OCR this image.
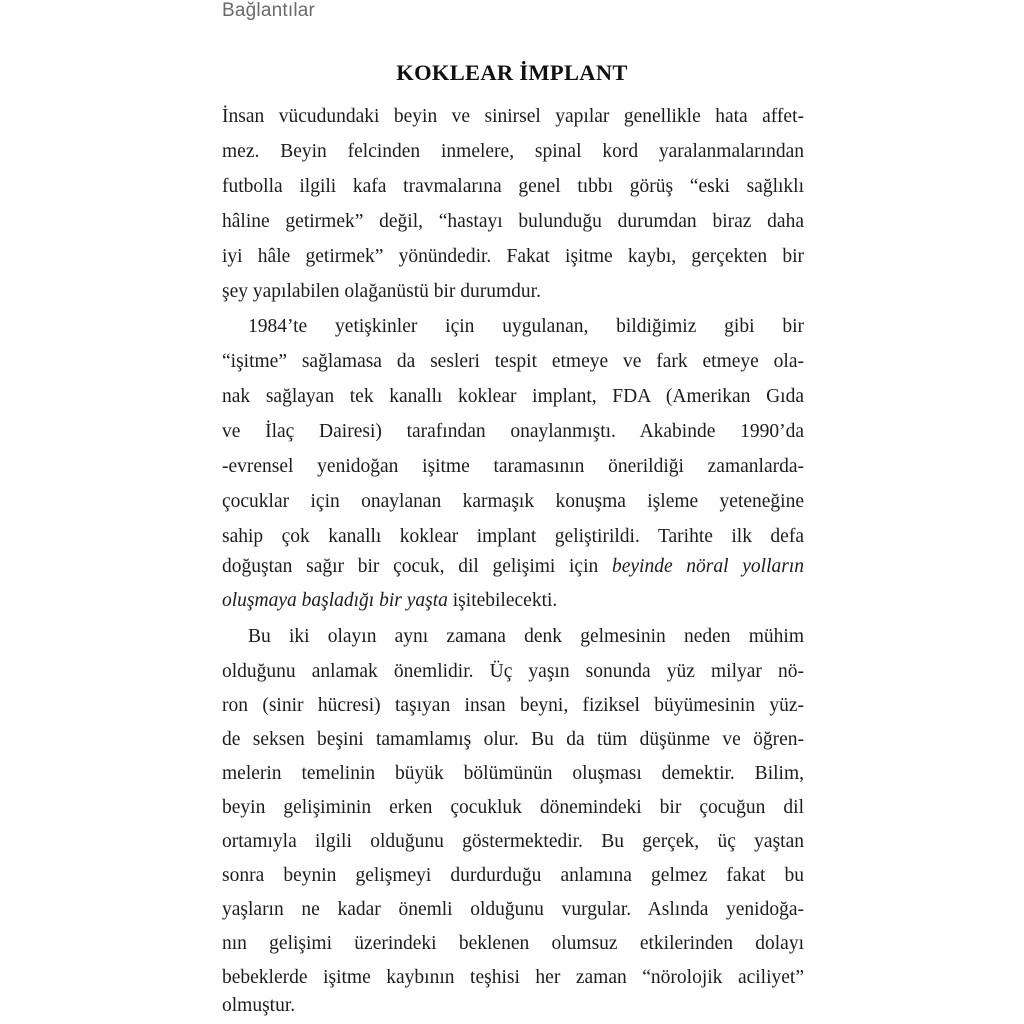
Bağlantılar
KOKLEAR İMPLANT
İnsan vücudundaki beyin ve sinirsel yapılar genellikle hata affet-
mez. Beyin felcinden inmelere, spinal kord yaralanmalarından
futbolla ilgili kafa travmalarına genel tıbbı görüş “eski sağlıklı
hâline getirmek” değil, “hastayı bulunduğu durumdan biraz daha
iyi hâle getirmek” yönündedir. Fakat işitme kaybı, gerçekten bir
şey yapılabilen olağanüstü bir durumdur.
1984’te yetişkinler için uygulanan, bildiğimiz gibi bir
“işitme” sağlamasa da sesleri tespit etmeye ve fark etmeye ola-
nak sağlayan tek kanallı koklear implant, FDA (Amerikan Gıda
ve İlaç Dairesi) tarafından onaylanmıştı. Akabinde 1990’da
-evrensel yenidoğan işitme taramasının önerildiği zamanlarda-
çocuklar için onaylanan karmaşık konuşma işleme yeteneğine
sahip çok kanallı koklear implant geliştirildi. Tarihte ilk defa
doğuştan sağır bir çocuk, dil gelişimi için beyinde nöral yolların
oluşmaya başladığı bir yaşta işitebilecekti.
Bu iki olayın aynı zamana denk gelmesinin neden mühim
olduğunu anlamak önemlidir. Üç yaşın sonunda yüz milyar nö-
ron (sinir hücresi) taşıyan insan beyni, fiziksel büyümesinin yüz-
de seksen beşini tamamlamış olur. Bu da tüm düşünme ve öğren-
melerin temelinin büyük bölümünün oluşması demektir. Bilim,
beyin gelişiminin erken çocukluk dönemindeki bir çocuğun dil
ortamıyla ilgili olduğunu göstermektedir. Bu gerçek, üç yaştan
sonra beynin gelişmeyi durdurduğu anlamına gelmez fakat bu
yaşların ne kadar önemli olduğunu vurgular. Aslında yenidoğa-
nın gelişimi üzerindeki beklenen olumsuz etkilerinden dolayı
bebeklerde işitme kaybının teşhisi her zaman “nörolojik aciliyet”
olmuştur.
